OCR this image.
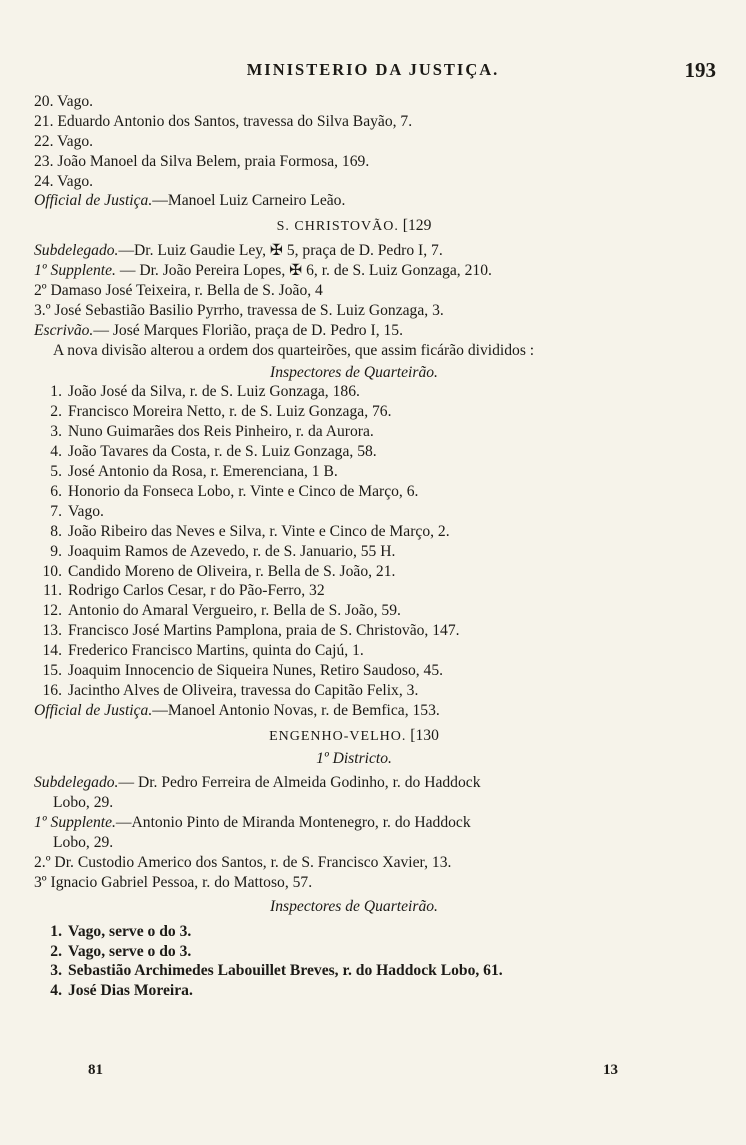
MINISTERIO DA JUSTIÇA.	193
20. Vago.
21. Eduardo Antonio dos Santos, travessa do Silva Bayão, 7.
22. Vago.
23. João Manoel da Silva Belem, praia Formosa, 169.
24. Vago.
Official de Justiça.—Manoel Luiz Carneiro Leão.
S. CHRISTOVÃO. [129
Subdelegado.—Dr. Luiz Gaudie Ley, ✠ 5, praça de D. Pedro I, 7.
1º Supplente. — Dr. João Pereira Lopes, ✠ 6, r. de S. Luiz Gonzaga, 210.
2º Damaso José Teixeira, r. Bella de S. João, 4
3.º José Sebastião Basilio Pyrrho, travessa de S. Luiz Gonzaga, 3.
Escrivão.— José Marques Florião, praça de D. Pedro I, 15.
A nova divisão alterou a ordem dos quarteirões, que assim ficárão divididos :
Inspectores de Quarteirão.
1. João José da Silva, r. de S. Luiz Gonzaga, 186.
2. Francisco Moreira Netto, r. de S. Luiz Gonzaga, 76.
3. Nuno Guimarães dos Reis Pinheiro, r. da Aurora.
4. João Tavares da Costa, r. de S. Luiz Gonzaga, 58.
5. José Antonio da Rosa, r. Emerenciana, 1 B.
6. Honorio da Fonseca Lobo, r. Vinte e Cinco de Março, 6.
7. Vago.
8. João Ribeiro das Neves e Silva, r. Vinte e Cinco de Março, 2.
9. Joaquim Ramos de Azevedo, r. de S. Januario, 55 H.
10. Candido Moreno de Oliveira, r. Bella de S. João, 21.
11. Rodrigo Carlos Cesar, r do Pão-Ferro, 32
12. Antonio do Amaral Vergueiro, r. Bella de S. João, 59.
13. Francisco José Martins Pamplona, praia de S. Christovão, 147.
14. Frederico Francisco Martins, quinta do Cajú, 1.
15. Joaquim Innocencio de Siqueira Nunes, Retiro Saudoso, 45.
16. Jacintho Alves de Oliveira, travessa do Capitão Felix, 3.
Official de Justiça.—Manoel Antonio Novas, r. de Bemfica, 153.
ENGENHO-VELHO. [130
1º Districto.
Subdelegado.— Dr. Pedro Ferreira de Almeida Godinho, r. do Haddock
Lobo, 29.
1º Supplente.—Antonio Pinto de Miranda Montenegro, r. do Haddock
Lobo, 29.
2.º Dr. Custodio Americo dos Santos, r. de S. Francisco Xavier, 13.
3º Ignacio Gabriel Pessoa, r. do Mattoso, 57.
Inspectores de Quarteirão.
1. Vago, serve o do 3.
2. Vago, serve o do 3.
3. Sebastião Archimedes Labouillet Breves, r. do Haddock Lobo, 61.
4. José Dias Moreira.
81	13
